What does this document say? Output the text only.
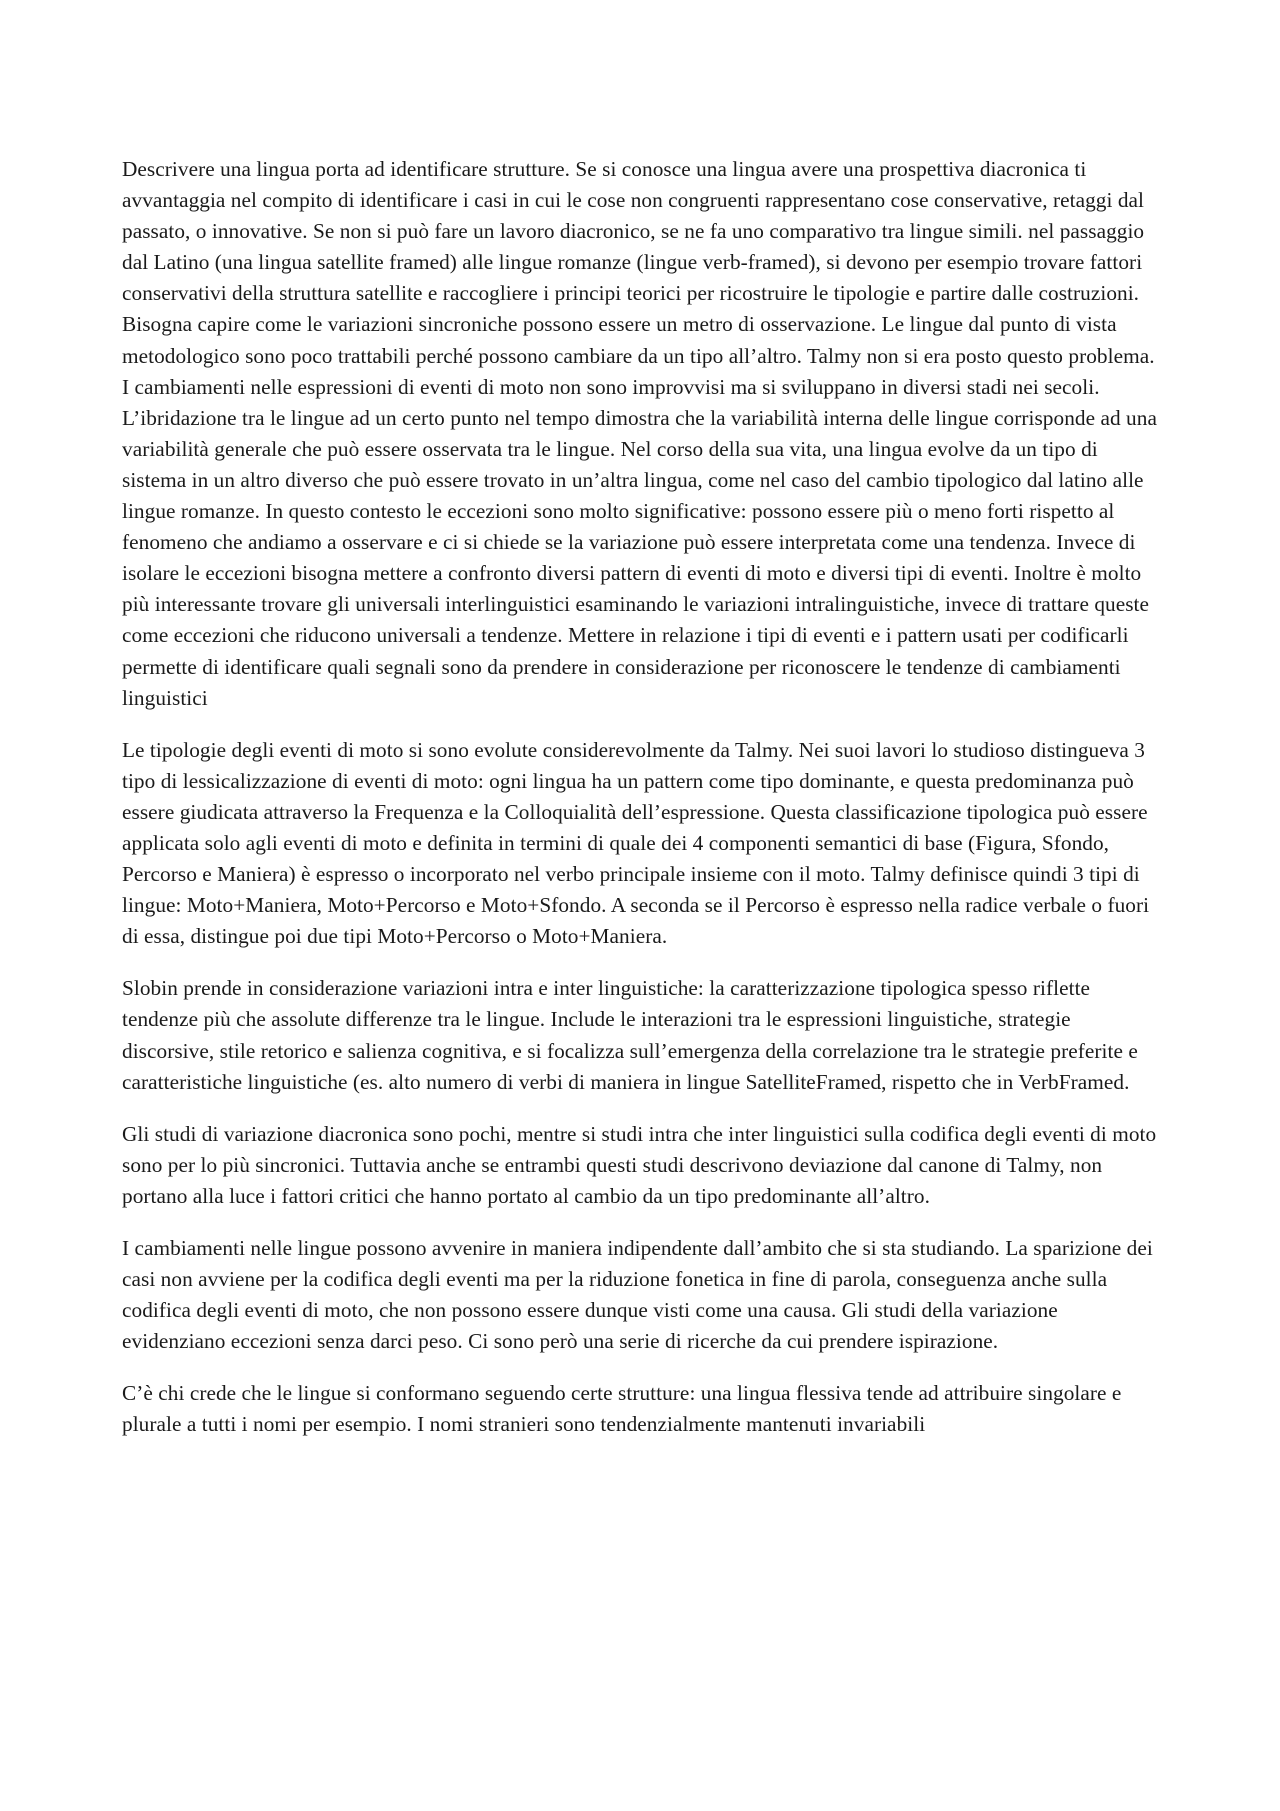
Descrivere una lingua porta ad identificare strutture. Se si conosce una lingua avere una prospettiva diacronica ti avvantaggia nel compito di identificare i casi in cui le cose non congruenti rappresentano cose conservative, retaggi dal passato, o innovative. Se non si può fare un lavoro diacronico, se ne fa uno comparativo tra lingue simili. nel passaggio dal Latino (una lingua satellite framed) alle lingue romanze (lingue verb-framed), si devono per esempio trovare fattori conservativi della struttura satellite e raccogliere i principi teorici per ricostruire le tipologie e partire dalle costruzioni. Bisogna capire come le variazioni sincroniche possono essere un metro di osservazione. Le lingue dal punto di vista metodologico sono poco trattabili perché possono cambiare da un tipo all’altro. Talmy non si era posto questo problema. I cambiamenti nelle espressioni di eventi di moto non sono improvvisi ma si sviluppano in diversi stadi nei secoli. L’ibridazione tra le lingue ad un certo punto nel tempo dimostra che la variabilità interna delle lingue corrisponde ad una variabilità generale che può essere osservata tra le lingue. Nel corso della sua vita, una lingua evolve da un tipo di sistema in un altro diverso che può essere trovato in un’altra lingua, come nel caso del cambio tipologico dal latino alle lingue romanze. In questo contesto le eccezioni sono molto significative: possono essere più o meno forti rispetto al fenomeno che andiamo a osservare e ci si chiede se la variazione può essere interpretata come una tendenza. Invece di isolare le eccezioni bisogna mettere a confronto diversi pattern di eventi di moto e diversi tipi di eventi. Inoltre è molto più interessante trovare gli universali interlinguistici esaminando le variazioni intralinguistiche, invece di trattare queste come eccezioni che riducono universali a tendenze. Mettere in relazione i tipi di eventi e i pattern usati per codificarli permette di identificare quali segnali sono da prendere in considerazione per riconoscere le tendenze di cambiamenti linguistici

Le tipologie degli eventi di moto si sono evolute considerevolmente da Talmy. Nei suoi lavori lo studioso distingueva 3 tipo di lessicalizzazione di eventi di moto: ogni lingua ha un pattern come tipo dominante, e questa predominanza può essere giudicata attraverso la Frequenza e la Colloquialità dell’espressione. Questa classificazione tipologica può essere applicata solo agli eventi di moto e definita in termini di quale dei 4 componenti semantici di base (Figura, Sfondo, Percorso e Maniera) è espresso o incorporato nel verbo principale insieme con il moto. Talmy definisce quindi 3 tipi di lingue: Moto+Maniera, Moto+Percorso e Moto+Sfondo. A seconda se il Percorso è espresso nella radice verbale o fuori di essa, distingue poi due tipi Moto+Percorso o Moto+Maniera.

Slobin prende in considerazione variazioni intra e inter linguistiche: la caratterizzazione tipologica spesso riflette tendenze più che assolute differenze tra le lingue. Include le interazioni tra le espressioni linguistiche, strategie discorsive, stile retorico e salienza cognitiva, e si focalizza sull’emergenza della correlazione tra le strategie preferite e caratteristiche linguistiche (es. alto numero di verbi di maniera in lingue SatelliteFramed, rispetto che in VerbFramed.

Gli studi di variazione diacronica sono pochi, mentre si studi intra che inter linguistici sulla codifica degli eventi di moto sono per lo più sincronici. Tuttavia anche se entrambi questi studi descrivono deviazione dal canone di Talmy, non portano alla luce i fattori critici che hanno portato al cambio da un tipo predominante all’altro.

I cambiamenti nelle lingue possono avvenire in maniera indipendente dall’ambito che si sta studiando. La sparizione dei casi non avviene per la codifica degli eventi ma per la riduzione fonetica in fine di parola, conseguenza anche sulla codifica degli eventi di moto, che non possono essere dunque visti come una causa. Gli studi della variazione evidenziano eccezioni senza darci peso. Ci sono però una serie di ricerche da cui prendere ispirazione.

C’è chi crede che le lingue si conformano seguendo certe strutture: una lingua flessiva tende ad attribuire singolare e plurale a tutti i nomi per esempio. I nomi stranieri sono tendenzialmente mantenuti invariabili
